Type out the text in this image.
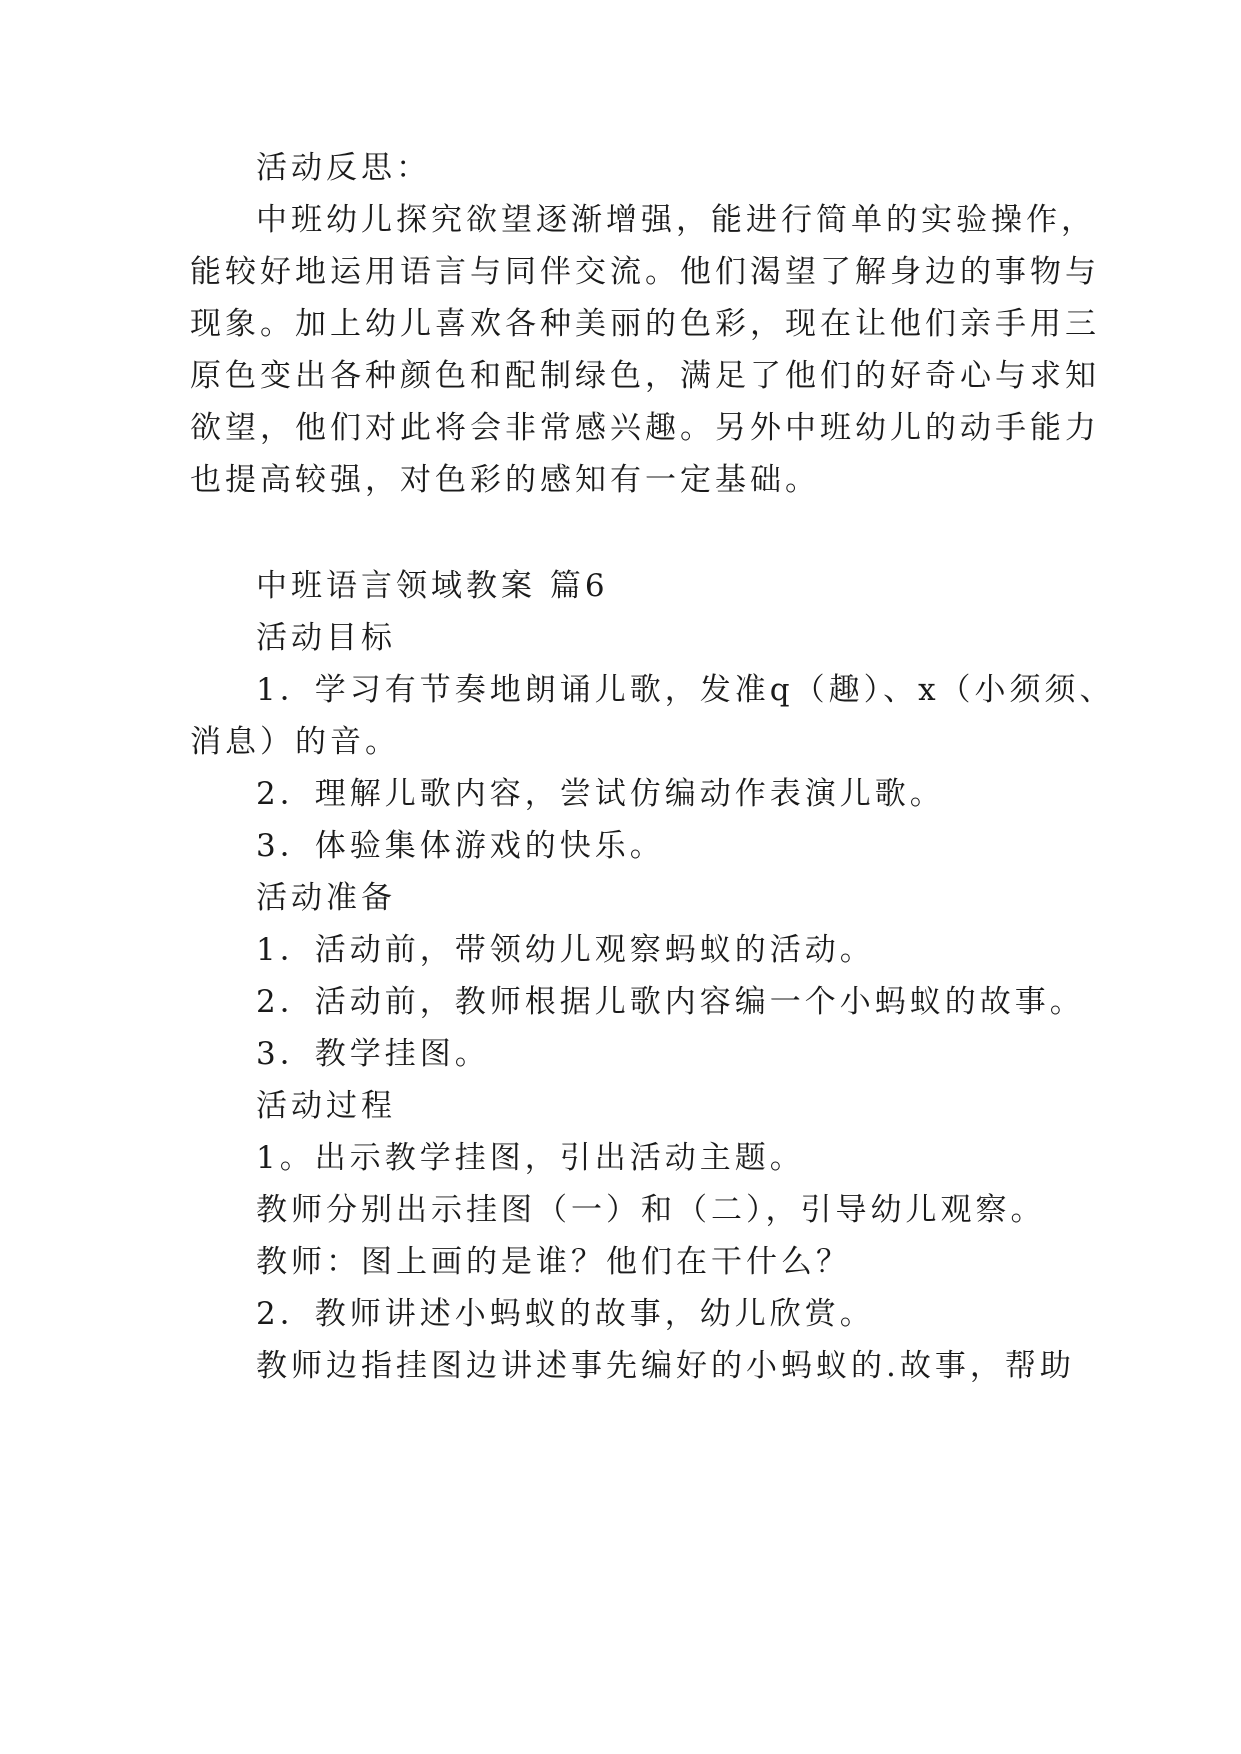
活动反思：
中班幼儿探究欲望逐渐增强，能进行简单的实验操作，
能较好地运用语言与同伴交流。他们渴望了解身边的事物与
现象。加上幼儿喜欢各种美丽的色彩，现在让他们亲手用三
原色变出各种颜色和配制绿色，满足了他们的好奇心与求知
欲望，他们对此将会非常感兴趣。另外中班幼儿的动手能力
也提高较强，对色彩的感知有一定基础。
中班语言领域教案 篇6
活动目标
1．学习有节奏地朗诵儿歌，发准q（趣）、x（小须须、
消息）的音。
2．理解儿歌内容，尝试仿编动作表演儿歌。
3．体验集体游戏的快乐。
活动准备
1．活动前，带领幼儿观察蚂蚁的活动。
2．活动前，教师根据儿歌内容编一个小蚂蚁的故事。
3．教学挂图。
活动过程
1。出示教学挂图，引出活动主题。
教师分别出示挂图（一）和（二），引导幼儿观察。
教师：图上画的是谁？他们在干什么？
2．教师讲述小蚂蚁的故事，幼儿欣赏。
教师边指挂图边讲述事先编好的小蚂蚁的.故事，帮助
